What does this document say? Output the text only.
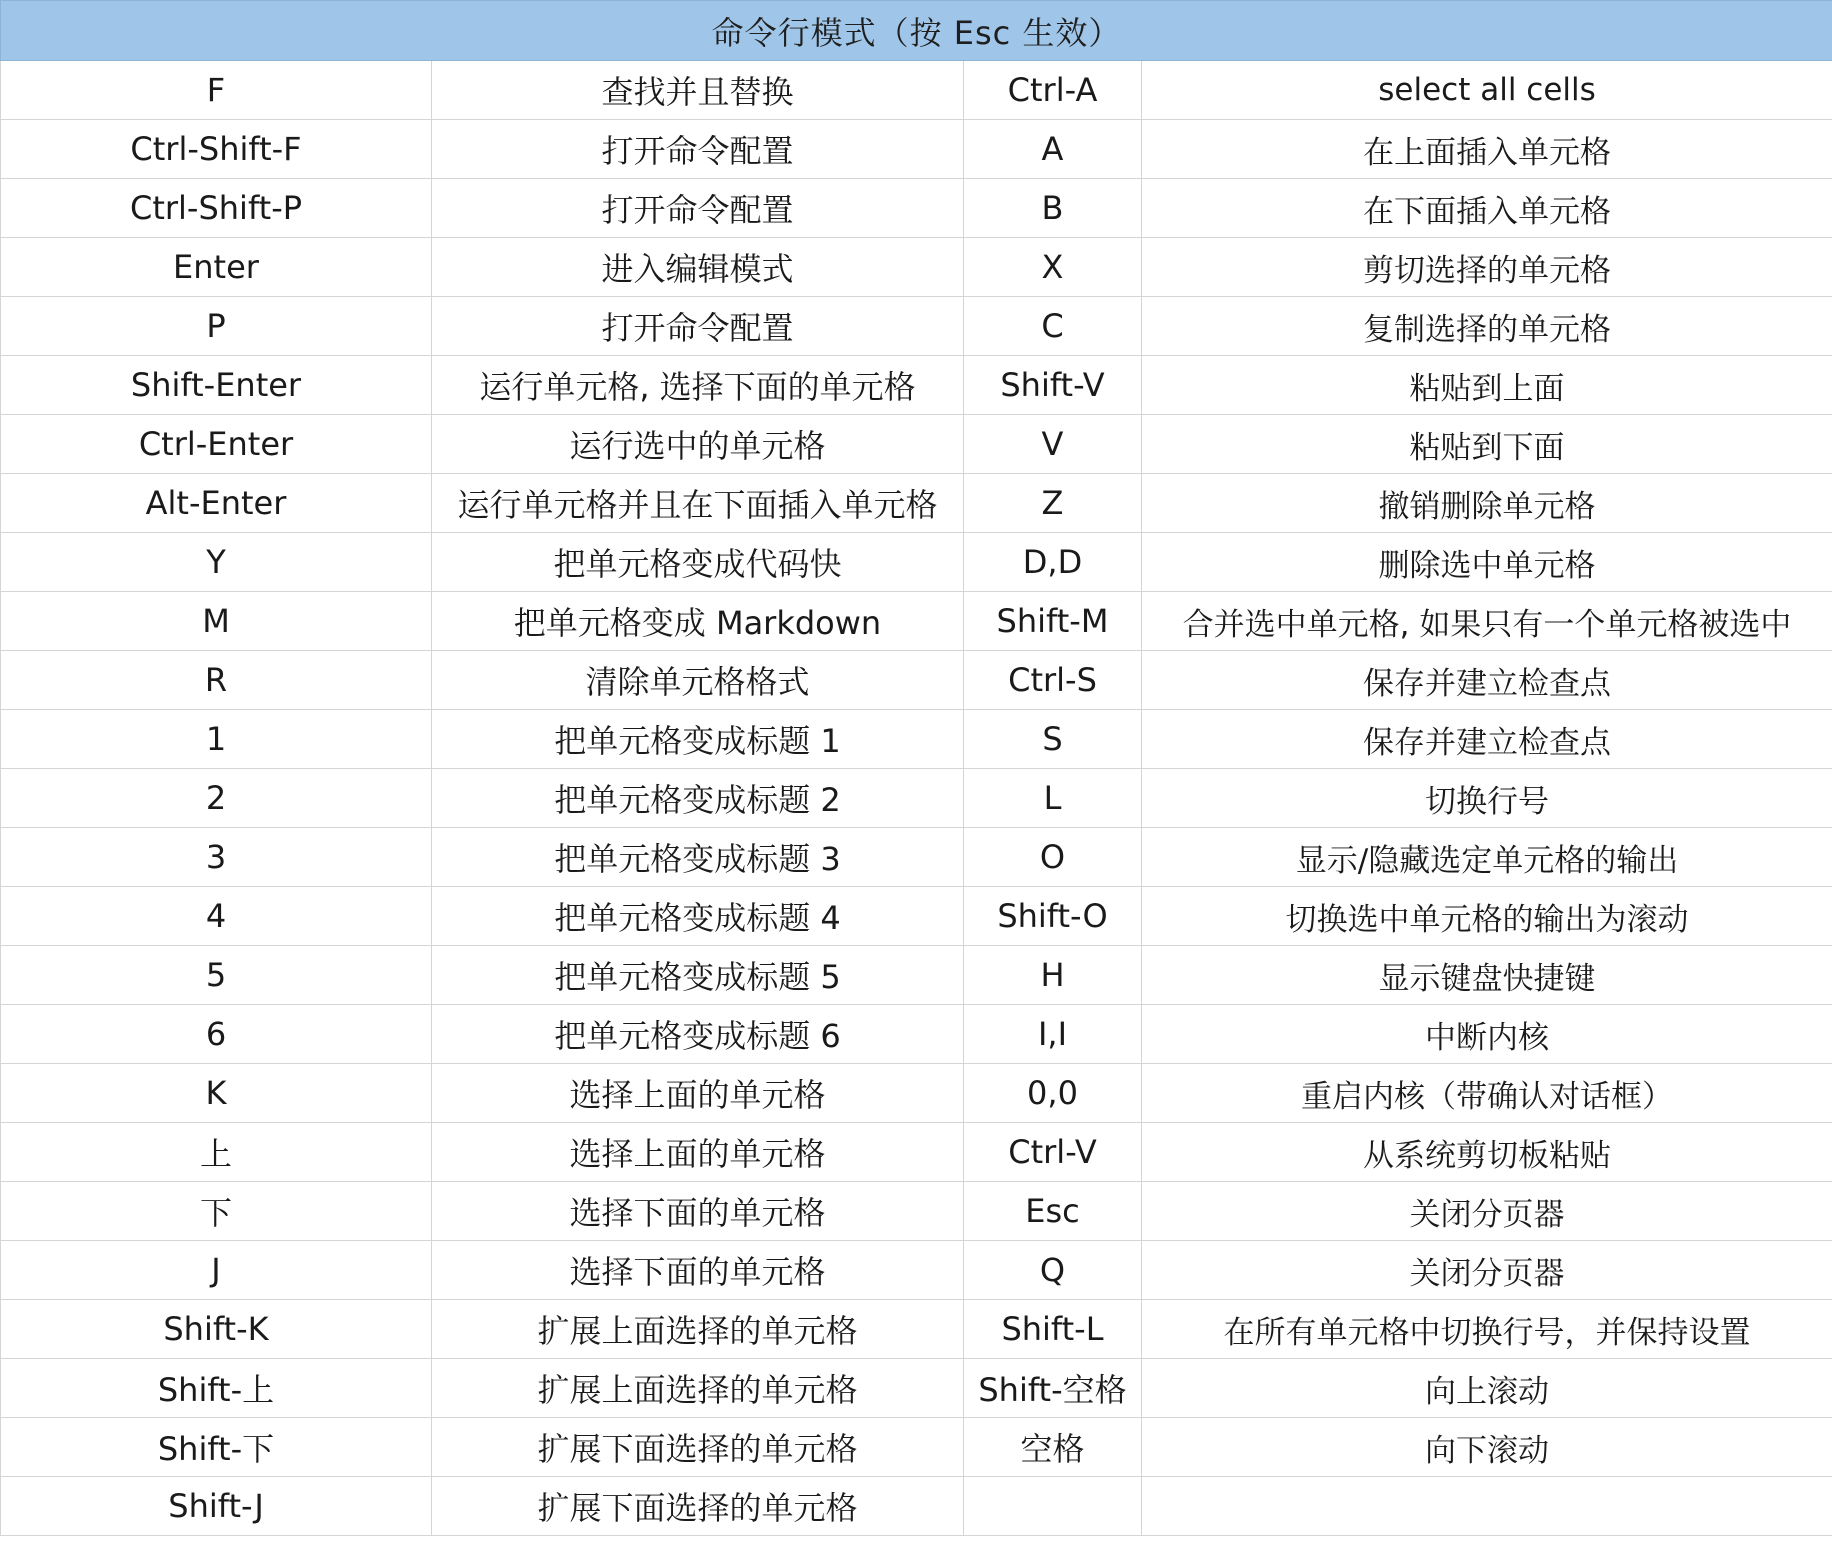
命令行模式（按 Esc 生效）			
F	查找并且替换	Ctrl-A	select all cells
Ctrl-Shift-F	打开命令配置	A	在上面插入单元格
Ctrl-Shift-P	打开命令配置	B	在下面插入单元格
Enter	进入编辑模式	X	剪切选择的单元格
P	打开命令配置	C	复制选择的单元格
Shift-Enter	运行单元格, 选择下面的单元格	Shift-V	粘贴到上面
Ctrl-Enter	运行选中的单元格	V	粘贴到下面
Alt-Enter	运行单元格并且在下面插入单元格	Z	撤销删除单元格
Y	把单元格变成代码快	D,D	删除选中单元格
M	把单元格变成 Markdown	Shift-M	合并选中单元格, 如果只有一个单元格被选中
R	清除单元格格式	Ctrl-S	保存并建立检查点
1	把单元格变成标题 1	S	保存并建立检查点
2	把单元格变成标题 2	L	切换行号
3	把单元格变成标题 3	O	显示/隐藏选定单元格的输出
4	把单元格变成标题 4	Shift-O	切换选中单元格的输出为滚动
5	把单元格变成标题 5	H	显示键盘快捷键
6	把单元格变成标题 6	I,I	中断内核
K	选择上面的单元格	0,0	重启内核（带确认对话框）
上	选择上面的单元格	Ctrl-V	从系统剪切板粘贴
下	选择下面的单元格	Esc	关闭分页器
J	选择下面的单元格	Q	关闭分页器
Shift-K	扩展上面选择的单元格	Shift-L	在所有单元格中切换行号，并保持设置
Shift-上	扩展上面选择的单元格	Shift-空格	向上滚动
Shift-下	扩展下面选择的单元格	空格	向下滚动
Shift-J	扩展下面选择的单元格		
